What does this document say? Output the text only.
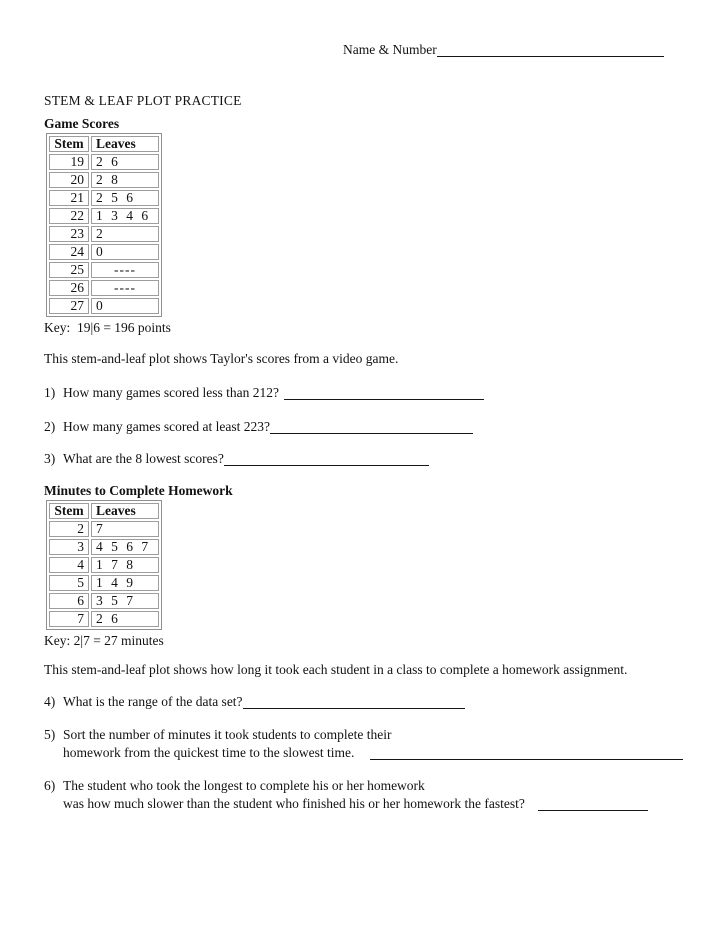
Name & Number
STEM & LEAF PLOT PRACTICE
Game Scores
Stem	Leaves
19	2 6
20	2 8
21	2 5 6
22	1 3 4 6
23	2
24	0
25	----
26	----
27	0
Key:  19|6 = 196 points
This stem-and-leaf plot shows Taylor's scores from a video game.
1) How many games scored less than 212?
2) How many games scored at least 223?
3) What are the 8 lowest scores?
Minutes to Complete Homework
Stem	Leaves
2	7
3	4 5 6 7
4	1 7 8
5	1 4 9
6	3 5 7
7	2 6
Key: 2|7 = 27 minutes
This stem-and-leaf plot shows how long it took each student in a class to complete a homework assignment.
4) What is the range of the data set?
5) Sort the number of minutes it took students to complete their
homework from the quickest time to the slowest time.
6) The student who took the longest to complete his or her homework
was how much slower than the student who finished his or her homework the fastest?
